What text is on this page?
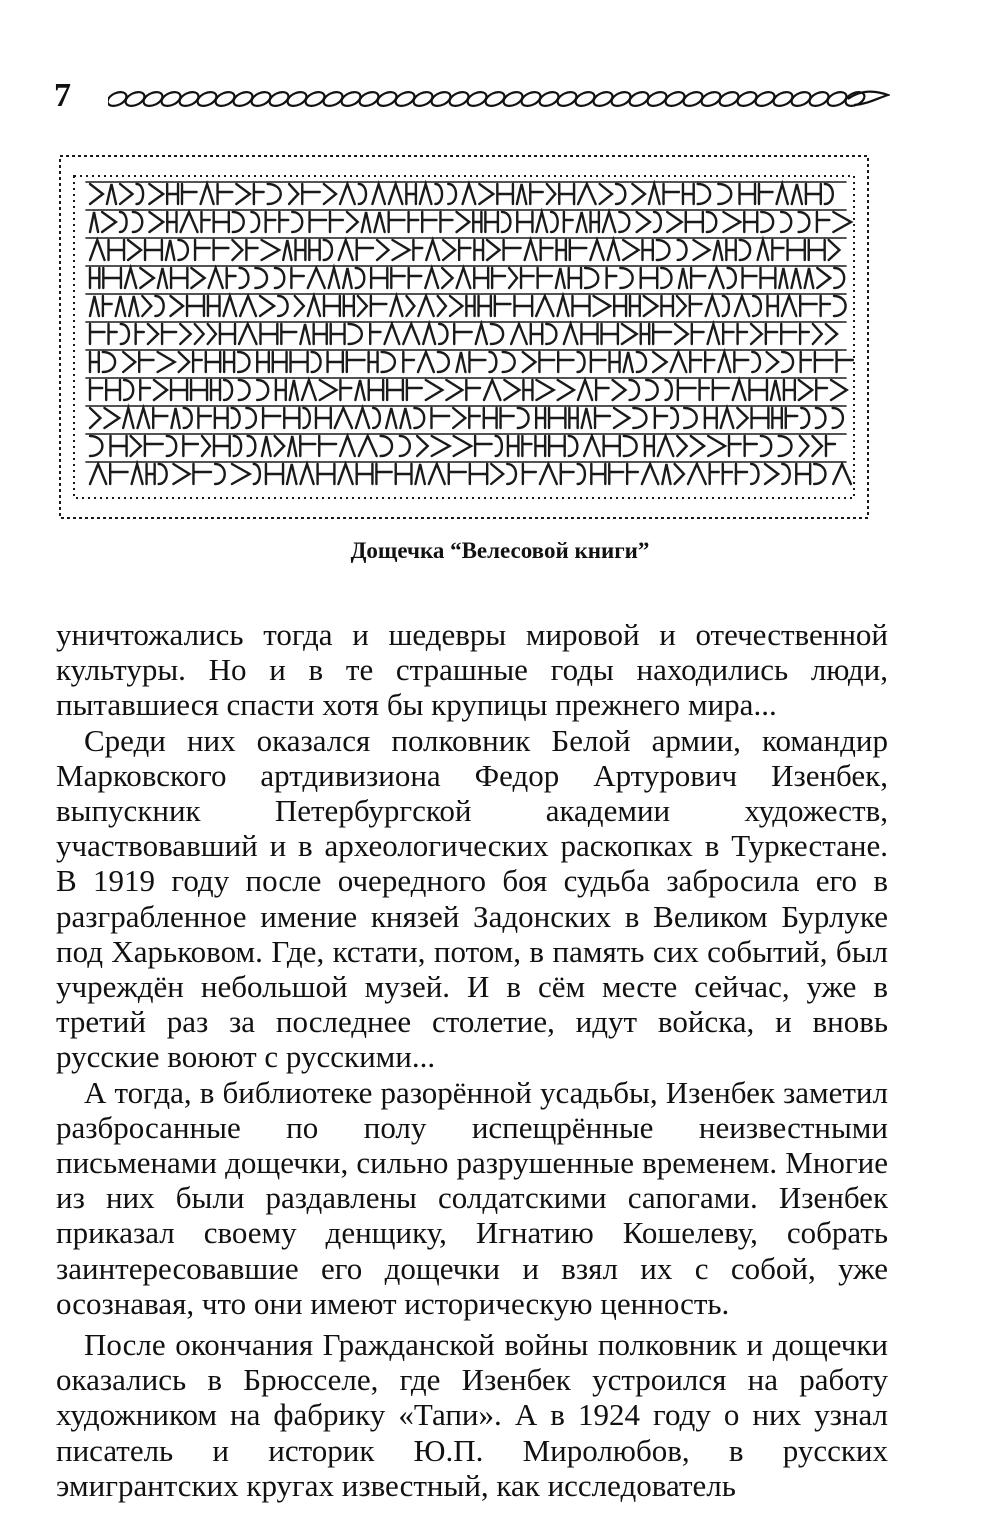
7
Дощечка “Велесовой книги”

уничтожались тогда и шедевры мировой и отечественной культуры. Но и в те страшные годы находились люди, пытавшиеся спасти хотя бы крупицы прежнего мира...

Среди них оказался полковник Белой армии, командир Марковского артдивизиона Федор Артурович Изенбек, выпускник Петербургской академии художеств, участвовавший и в археологических раскопках в Туркестане. В 1919 году после очередного боя судьба забросила его в разграбленное имение князей Задонских в Великом Бурлуке под Харьковом. Где, кстати, потом, в память сих событий, был учреждён небольшой музей. И в сём месте сейчас, уже в третий раз за последнее столетие, идут войска, и вновь русские воюют с русскими...

А тогда, в библиотеке разорённой усадьбы, Изенбек заметил разбросанные по полу испещрённые неизвестными письменами дощечки, сильно разрушенные временем. Многие из них были раздавлены солдатскими сапогами. Изенбек приказал своему денщику, Игнатию Кошелеву, собрать заинтересовавшие его дощечки и взял их с собой, уже осознавая, что они имеют историческую ценность.

После окончания Гражданской войны полковник и дощечки оказались в Брюсселе, где Изенбек устроился на работу художником на фабрику «Тапи». А в 1924 году о них узнал писатель и историк Ю.П. Миролюбов, в русских эмигрантских кругах известный, как исследователь
